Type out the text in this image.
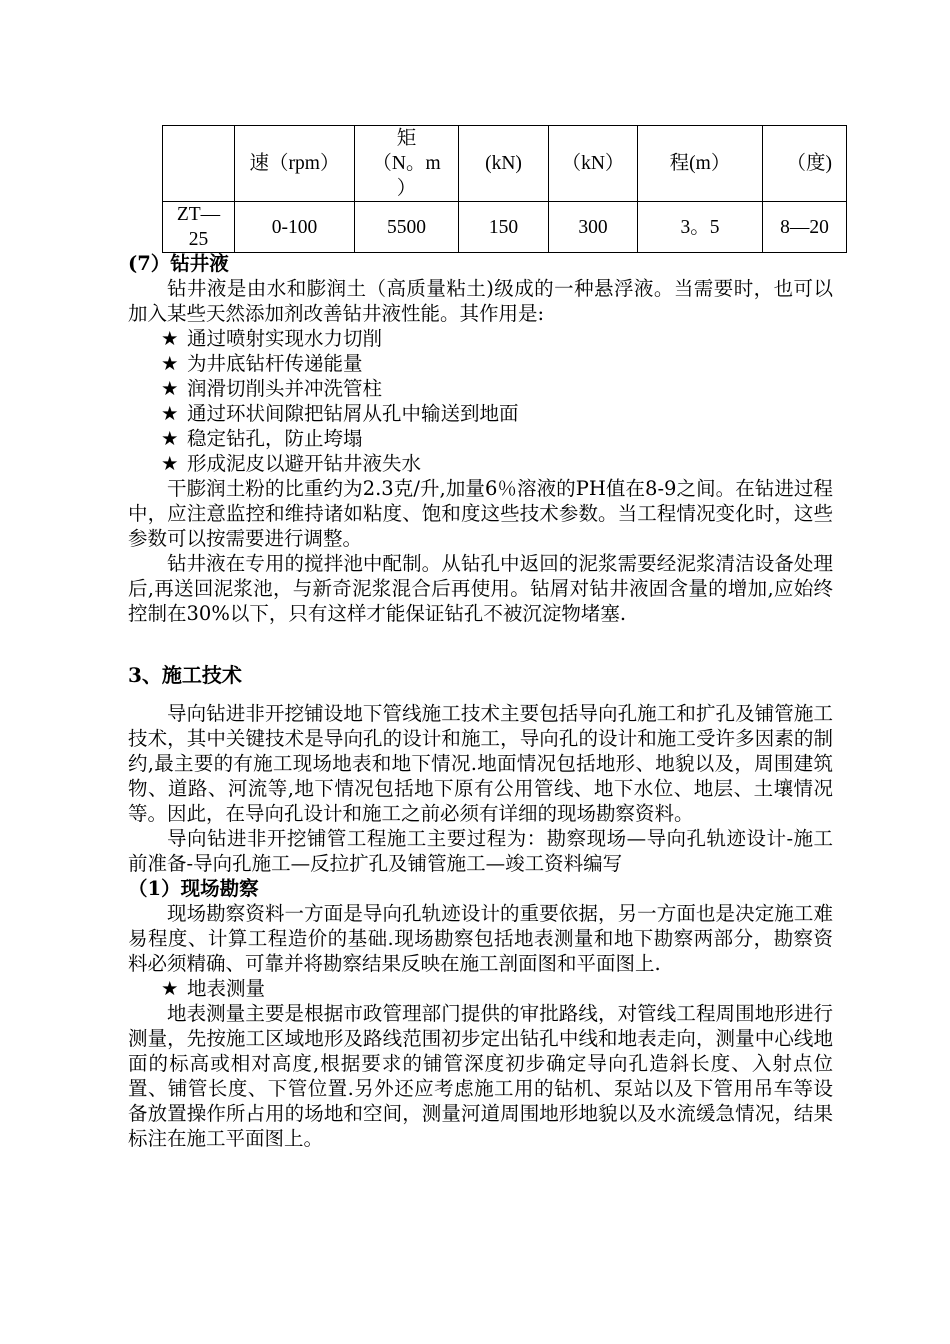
	速（rpm）	矩
（N。m
）	(kN)	（kN）	程(m）	（度)
ZT—
25	0-100	5500	150	300	3。5	8—20

(7）钻井液

钻井液是由水和膨润土（高质量粘土)级成的一种悬浮液。当需要时，也可以加入某些天然添加剂改善钻井液性能。其作用是:

★ 通过喷射实现水力切削

★ 为井底钻杆传递能量

★ 润滑切削头并冲洗管柱

★ 通过环状间隙把钻屑从孔中输送到地面

★ 稳定钻孔，防止垮塌

★ 形成泥皮以避开钻井液失水

干膨润土粉的比重约为2.3克/升,加量6％溶液的PH值在8-9之间。在钻进过程中，应注意监控和维持诸如粘度、饱和度这些技术参数。当工程情况变化时，这些参数可以按需要进行调整。

钻井液在专用的搅拌池中配制。从钻孔中返回的泥浆需要经泥浆清洁设备处理后,再送回泥浆池，与新奇泥浆混合后再使用。钻屑对钻井液固含量的增加,应始终控制在30%以下，只有这样才能保证钻孔不被沉淀物堵塞.

3、施工技术

导向钻进非开挖铺设地下管线施工技术主要包括导向孔施工和扩孔及铺管施工技术，其中关键技术是导向孔的设计和施工，导向孔的设计和施工受许多因素的制约,最主要的有施工现场地表和地下情况.地面情况包括地形、地貌以及，周围建筑物、道路、河流等,地下情况包括地下原有公用管线、地下水位、地层、土壤情况等。因此，在导向孔设计和施工之前必须有详细的现场勘察资料。

导向钻进非开挖铺管工程施工主要过程为：勘察现场—导向孔轨迹设计-施工前准备-导向孔施工—反拉扩孔及铺管施工—竣工资料编写

（1）现场勘察

现场勘察资料一方面是导向孔轨迹设计的重要依据，另一方面也是决定施工难易程度、计算工程造价的基础.现场勘察包括地表测量和地下勘察两部分，勘察资料必须精确、可靠并将勘察结果反映在施工剖面图和平面图上.

★ 地表测量

地表测量主要是根据市政管理部门提供的审批路线，对管线工程周围地形进行测量，先按施工区域地形及路线范围初步定出钻孔中线和地表走向，测量中心线地面的标高或相对高度,根据要求的铺管深度初步确定导向孔造斜长度、入射点位置、铺管长度、下管位置.另外还应考虑施工用的钻机、泵站以及下管用吊车等设备放置操作所占用的场地和空间，测量河道周围地形地貌以及水流缓急情况，结果标注在施工平面图上。
